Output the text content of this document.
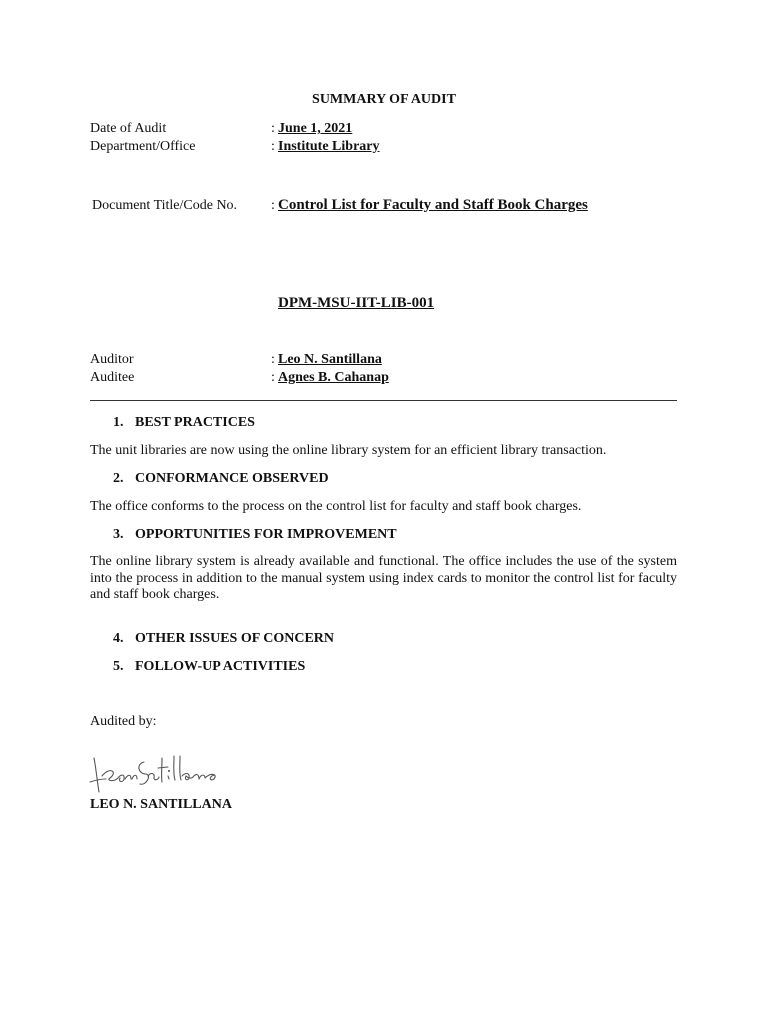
SUMMARY OF AUDIT
Date of Audit	: June 1, 2021
Department/Office	: Institute Library
Document Title/Code No. : Control List for Faculty and Staff Book Charges
DPM-MSU-IIT-LIB-001
Auditor	: Leo N. Santillana
Auditee	: Agnes B. Cahanap
1. BEST PRACTICES
The unit libraries are now using the online library system for an efficient library transaction.
2. CONFORMANCE OBSERVED
The office conforms to the process on the control list for faculty and staff book charges.
3. OPPORTUNITIES FOR IMPROVEMENT
The online library system is already available and functional. The office includes the use of the system into the process in addition to the manual system using index cards to monitor the control list for faculty and staff book charges.
4. OTHER ISSUES OF CONCERN
5. FOLLOW-UP ACTIVITIES
Audited by:
LEO N. SANTILLANA
